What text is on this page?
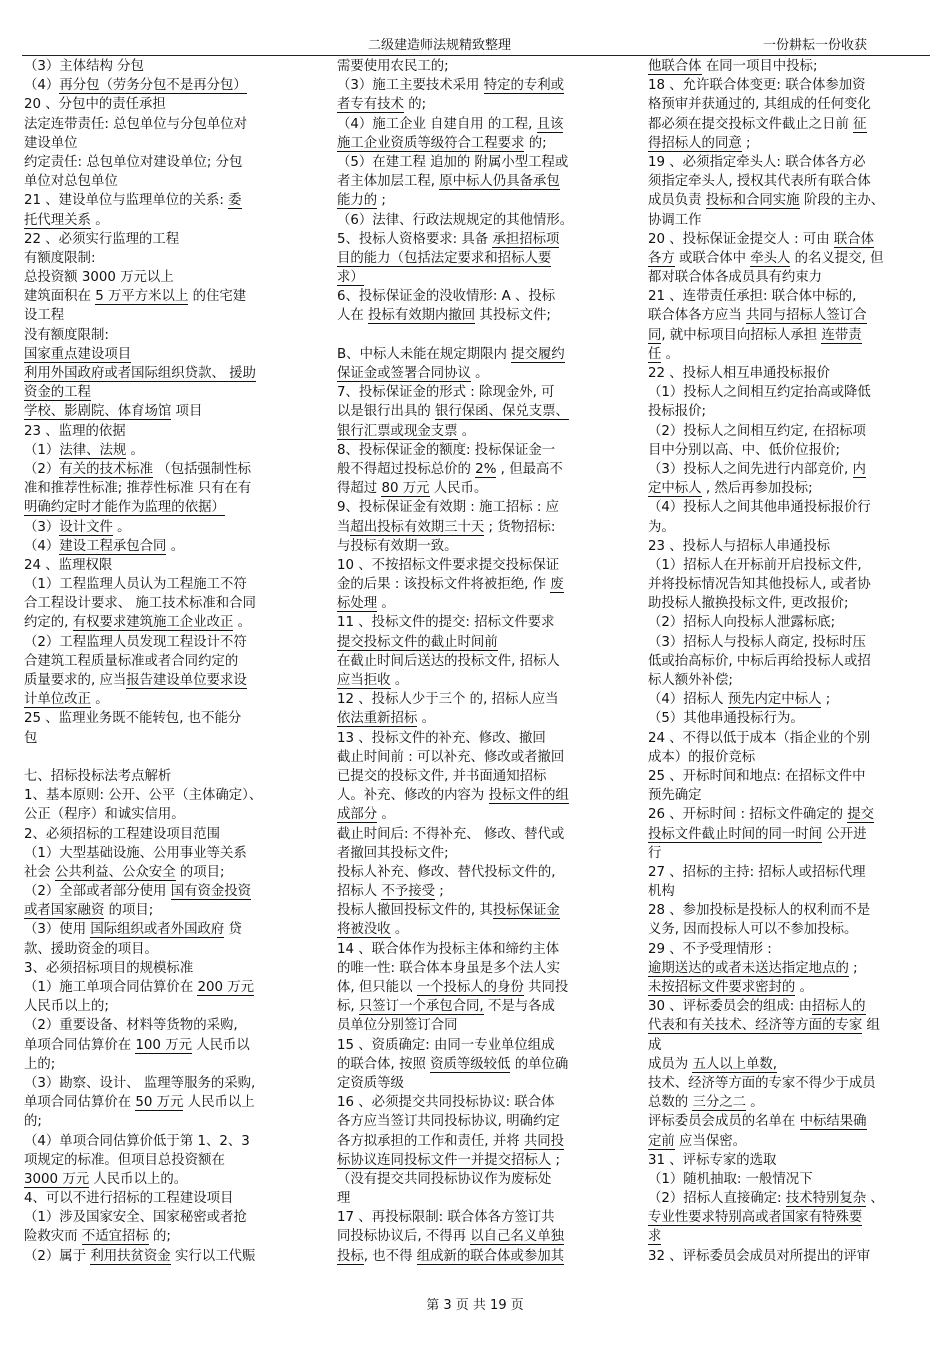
二级建造师法规精致整理	一份耕耘一份收获
（3）主体结构 分包
（4）再分包（劳务分包不是再分包）
20 、分包中的责任承担
法定连带责任: 总包单位与分包单位对
建设单位
约定责任: 总包单位对建设单位; 分包
单位对总包单位
21 、建设单位与监理单位的关系: 委
托代理关系 。
22 、必须实行监理的工程
有额度限制:
总投资额 3000 万元以上
建筑面积在 5 万平方米以上 的住宅建
设工程
没有额度限制:
国家重点建设项目
利用外国政府或者国际组织贷款、 援助
资金的工程
学校、影剧院、体育场馆 项目
23 、监理的依据
（1）法律、法规 。
（2）有关的技术标准 （包括强制性标
准和推荐性标准; 推荐性标准 只有在有
明确约定时才能作为监理的依据）
（3）设计文件 。
（4）建设工程承包合同 。
24 、监理权限
（1）工程监理人员认为工程施工不符
合工程设计要求、 施工技术标准和合同
约定的, 有权要求建筑施工企业改正 。
（2）工程监理人员发现工程设计不符
合建筑工程质量标准或者合同约定的
质量要求的, 应当报告建设单位要求设
计单位改正 。
25 、监理业务既不能转包, 也不能分
包
七、招标投标法考点解析
1、基本原则: 公开、公平（主体确定）、
公正（程序）和诚实信用。
2、必须招标的工程建设项目范围
（1）大型基础设施、公用事业等关系
社会 公共利益、公众安全 的项目;
（2）全部或者部分使用 国有资金投资
或者国家融资 的项目;
（3）使用 国际组织或者外国政府 贷
款、援助资金的项目。
3、必须招标项目的规模标准
（1）施工单项合同估算价在 200 万元
人民币以上的;
（2）重要设备、材料等货物的采购,
单项合同估算价在 100 万元 人民币以
上的;
（3）勘察、设计、 监理等服务的采购,
单项合同估算价在 50 万元 人民币以上
的;
（4）单项合同估算价低于第 1、2、3
项规定的标准。但项目总投资额在
3000 万元 人民币以上的。
4、可以不进行招标的工程建设项目
（1）涉及国家安全、国家秘密或者抢
险救灾而 不适宜招标 的;
（2）属于 利用扶贫资金 实行以工代赈
需要使用农民工的;
（3）施工主要技术采用 特定的专利或
者专有技术 的;
（4）施工企业 自建自用 的工程, 且该
施工企业资质等级符合工程要求 的;
（5）在建工程 追加的 附属小型工程或
者主体加层工程, 原中标人仍具备承包
能力的 ;
（6）法律、行政法规规定的其他情形。
5、投标人资格要求: 具备 承担招标项
目的能力（包括法定要求和招标人要
求）
6、投标保证金的没收情形: A 、投标
人在 投标有效期内撤回 其投标文件;
B、中标人未能在规定期限内 提交履约
保证金或签署合同协议 。
7、投标保证金的形式 : 除现金外, 可
以是银行出具的 银行保函、保兑支票、
银行汇票或现金支票 。
8、投标保证金的额度: 投标保证金一
般不得超过投标总价的 2% , 但最高不
得超过 80 万元 人民币。
9、投标保证金有效期 : 施工招标 : 应
当超出投标有效期三十天 ; 货物招标:
与投标有效期一致。
10 、不按招标文件要求提交投标保证
金的后果 : 该投标文件将被拒绝, 作 废
标处理 。
11 、投标文件的提交: 招标文件要求
提交投标文件的截止时间前
在截止时间后送达的投标文件, 招标人
应当拒收 。
12 、投标人少于三个 的, 招标人应当
依法重新招标 。
13 、投标文件的补充、修改、撤回
截止时间前 : 可以补充、修改或者撤回
已提交的投标文件, 并书面通知招标
人。补充、修改的内容为 投标文件的组
成部分 。
截止时间后: 不得补充、 修改、替代或
者撤回其投标文件;
投标人补充、修改、替代投标文件的,
招标人 不予接受 ;
投标人撤回投标文件的, 其投标保证金
将被没收 。
14 、联合体作为投标主体和缔约主体
的唯一性: 联合体本身虽是多个法人实
体, 但只能以 一个投标人的身份 共同投
标, 只签订一个承包合同, 不是与各成
员单位分别签订合同
15 、资质确定: 由同一专业单位组成
的联合体, 按照 资质等级较低 的单位确
定资质等级
16 、必须提交共同投标协议: 联合体
各方应当签订共同投标协议, 明确约定
各方拟承担的工作和责任, 并将 共同投
标协议连同投标文件一并提交招标人 ;
（没有提交共同投标协议作为废标处
理
17 、再投标限制: 联合体各方签订共
同投标协议后, 不得再 以自己名义单独
投标, 也不得 组成新的联合体或参加其
他联合体 在同一项目中投标;
18 、允许联合体变更: 联合体参加资
格预审并获通过的, 其组成的任何变化
都必须在提交投标文件截止之日前 征
得招标人的同意 ;
19 、必须指定牵头人: 联合体各方必
须指定牵头人, 授权其代表所有联合体
成员负责 投标和合同实施 阶段的主办、
协调工作
20 、投标保证金提交人 : 可由 联合体
各方 或联合体中 牵头人 的名义提交, 但
都对联合体各成员具有约束力
21 、连带责任承担: 联合体中标的,
联合体各方应当 共同与招标人签订合
同, 就中标项目向招标人承担 连带责
任 。
22 、投标人相互串通投标报价
（1）投标人之间相互约定抬高或降低
投标报价;
（2）投标人之间相互约定, 在招标项
目中分别以高、中、低价位报价;
（3）投标人之间先进行内部竞价, 内
定中标人 , 然后再参加投标;
（4）投标人之间其他串通投标报价行
为。
23 、投标人与招标人串通投标
（1）招标人在开标前开启投标文件,
并将投标情况告知其他投标人, 或者协
助投标人撤换投标文件, 更改报价;
（2）招标人向投标人泄露标底;
（3）招标人与投标人商定, 投标时压
低或抬高标价, 中标后再给投标人或招
标人额外补偿;
（4）招标人 预先内定中标人 ;
（5）其他串通投标行为。
24 、不得以低于成本（指企业的个别
成本）的报价竞标
25 、开标时间和地点: 在招标文件中
预先确定
26 、开标时间 : 招标文件确定的 提交
投标文件截止时间的同一时间 公开进
行
27 、招标的主持: 招标人或招标代理
机构
28 、参加投标是投标人的权利而不是
义务, 因而投标人可以不参加投标。
29 、不予受理情形 :
逾期送达的或者未送达指定地点的 ;
未按招标文件要求密封的 。
30 、评标委员会的组成: 由招标人的
代表和有关技术、经济等方面的专家 组
成
成员为 五人以上单数,
技术、经济等方面的专家不得少于成员
总数的 三分之二 。
评标委员会成员的名单在 中标结果确
定前 应当保密。
31 、评标专家的选取
（1）随机抽取: 一般情况下
（2）招标人直接确定: 技术特别复杂 、
专业性要求特别高或者国家有特殊要
求
32 、评标委员会成员对所提出的评审
第 3 页 共 19 页
